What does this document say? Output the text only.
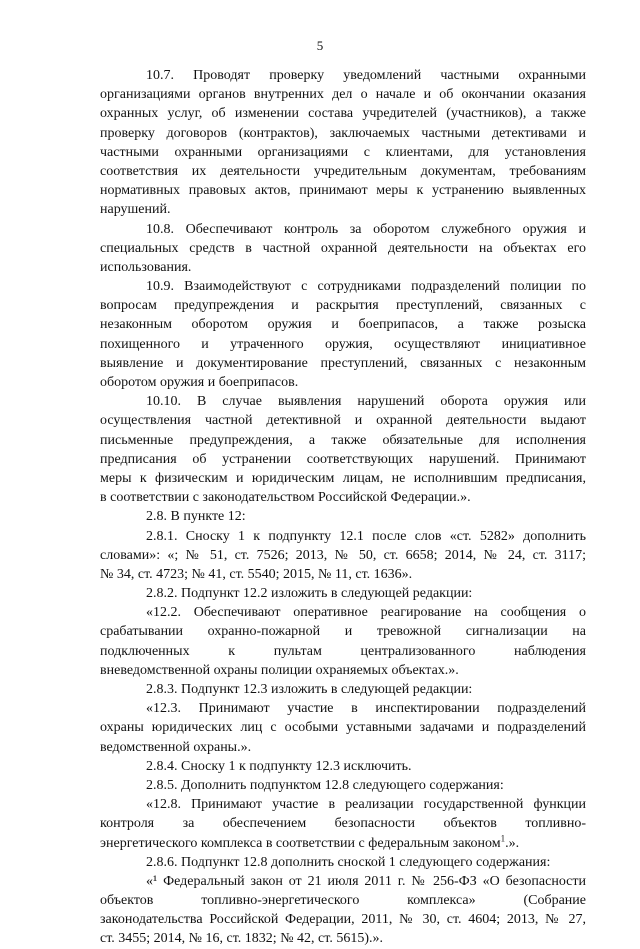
5
10.7. Проводят проверку уведомлений частными охранными
организациями органов внутренних дел о начале и об окончании оказания
охранных услуг, об изменении состава учредителей (участников), а также
проверку договоров (контрактов), заключаемых частными детективами и
частными охранными организациями с клиентами, для установления
соответствия их деятельности учредительным документам, требованиям
нормативных правовых актов, принимают меры к устранению выявленных
нарушений.
10.8. Обеспечивают контроль за оборотом служебного оружия и
специальных средств в частной охранной деятельности на объектах его
использования.
10.9. Взаимодействуют с сотрудниками подразделений полиции по
вопросам предупреждения и раскрытия преступлений, связанных с
незаконным оборотом оружия и боеприпасов, а также розыска
похищенного и утраченного оружия, осуществляют инициативное
выявление и документирование преступлений, связанных с незаконным
оборотом оружия и боеприпасов.
10.10. В случае выявления нарушений оборота оружия или
осуществления частной детективной и охранной деятельности выдают
письменные предупреждения, а также обязательные для исполнения
предписания об устранении соответствующих нарушений. Принимают
меры к физическим и юридическим лицам, не исполнившим предписания,
в соответствии с законодательством Российской Федерации.».
2.8. В пункте 12:
2.8.1. Сноску 1 к подпункту 12.1 после слов «ст. 5282» дополнить
словами»: «; № 51, ст. 7526; 2013, № 50, ст. 6658; 2014, № 24, ст. 3117;
№ 34, ст. 4723; № 41, ст. 5540; 2015, № 11, ст. 1636».
2.8.2. Подпункт 12.2 изложить в следующей редакции:
«12.2. Обеспечивают оперативное реагирование на сообщения о
срабатывании охранно-пожарной и тревожной сигнализации на
подключенных к пультам централизованного наблюдения
вневедомственной охраны полиции охраняемых объектах.».
2.8.3. Подпункт 12.3 изложить в следующей редакции:
«12.3. Принимают участие в инспектировании подразделений
охраны юридических лиц с особыми уставными задачами и подразделений
ведомственной охраны.».
2.8.4. Сноску 1 к подпункту 12.3 исключить.
2.8.5. Дополнить подпунктом 12.8 следующего содержания:
«12.8. Принимают участие в реализации государственной функции
контроля за обеспечением безопасности объектов топливно-
энергетического комплекса в соответствии с федеральным законом$^1$.».
2.8.6. Подпункт 12.8 дополнить сноской 1 следующего содержания:
«¹ Федеральный закон от 21 июля 2011 г. № 256-ФЗ «О безопасности
объектов топливно-энергетического комплекса» (Собрание
законодательства Российской Федерации, 2011, № 30, ст. 4604; 2013, № 27,
ст. 3455; 2014, № 16, ст. 1832; № 42, ст. 5615).».
